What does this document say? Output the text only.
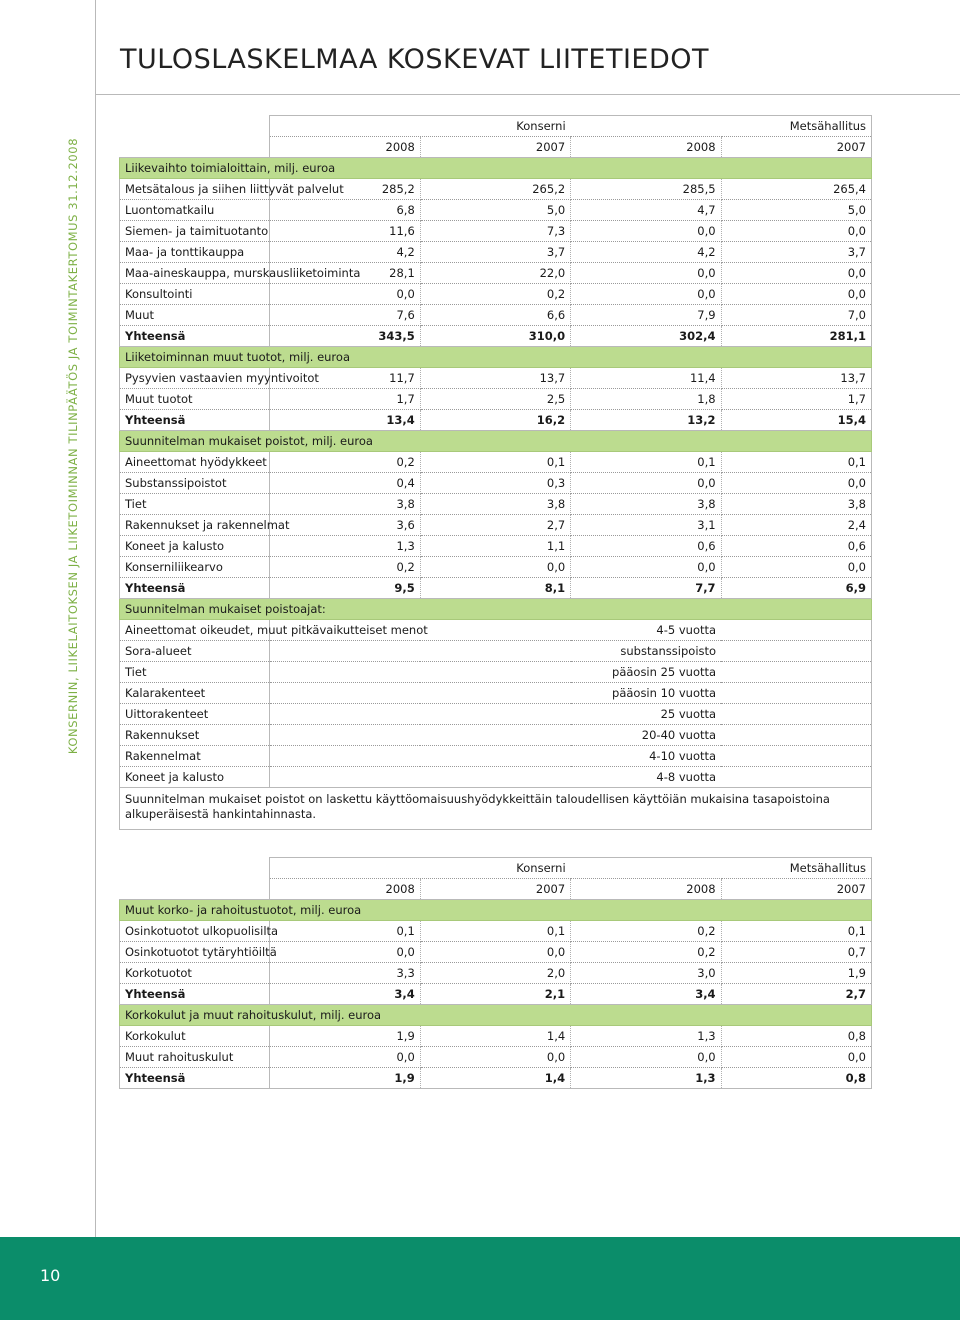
KONSERNIN, LIIKELAITOKSEN JA LIIKETOIMINNAN TILINPÄÄTÖS JA TOIMINTAKERTOMUS 31.12.2008
TULOSLASKELMAA KOSKEVAT LIITETIEDOT
	Konserni		Metsähallitus	
	2008	2007	2008	2007
Liikevaihto toimialoittain, milj. euroa				
Metsätalous ja siihen liittyvät palvelut	285,2	265,2	285,5	265,4
Luontomatkailu	6,8	5,0	4,7	5,0
Siemen- ja taimituotanto	11,6	7,3	0,0	0,0
Maa- ja tonttikauppa	4,2	3,7	4,2	3,7
Maa-aineskauppa, murskausliiketoiminta	28,1	22,0	0,0	0,0
Konsultointi	0,0	0,2	0,0	0,0
Muut	7,6	6,6	7,9	7,0
Yhteensä	343,5	310,0	302,4	281,1
Liiketoiminnan muut tuotot, milj. euroa				
Pysyvien vastaavien myyntivoitot	11,7	13,7	11,4	13,7
Muut tuotot	1,7	2,5	1,8	1,7
Yhteensä	13,4	16,2	13,2	15,4
Suunnitelman mukaiset poistot, milj. euroa				
Aineettomat hyödykkeet	0,2	0,1	0,1	0,1
Substanssipoistot	0,4	0,3	0,0	0,0
Tiet	3,8	3,8	3,8	3,8
Rakennukset ja rakennelmat	3,6	2,7	3,1	2,4
Koneet ja kalusto	1,3	1,1	0,6	0,6
Konserniliikearvo	0,2	0,0	0,0	0,0
Yhteensä	9,5	8,1	7,7	6,9
Suunnitelman mukaiset poistoajat:				
Aineettomat oikeudet, muut pitkävaikutteiset menot	4-5 vuotta			
Sora-alueet	substanssipoisto			
Tiet	pääosin 25 vuotta			
Kalarakenteet	pääosin 10 vuotta			
Uittorakenteet	25 vuotta			
Rakennukset	20-40 vuotta			
Rakennelmat	4-10 vuotta			
Koneet ja kalusto	4-8 vuotta			
Suunnitelman mukaiset poistot on laskettu käyttöomaisuushyödykkeittäin taloudellisen käyttöiän mukaisina tasapoistoina alkuperäisestä hankintahinnasta.				
	Konserni		Metsähallitus	
	2008	2007	2008	2007
Muut korko- ja rahoitustuotot, milj. euroa				
Osinkotuotot ulkopuolisilta	0,1	0,1	0,2	0,1
Osinkotuotot tytäryhtiöiltä	0,0	0,0	0,2	0,7
Korkotuotot	3,3	2,0	3,0	1,9
Yhteensä	3,4	2,1	3,4	2,7
Korkokulut ja muut rahoituskulut, milj. euroa				
Korkokulut	1,9	1,4	1,3	0,8
Muut rahoituskulut	0,0	0,0	0,0	0,0
Yhteensä	1,9	1,4	1,3	0,8
10
